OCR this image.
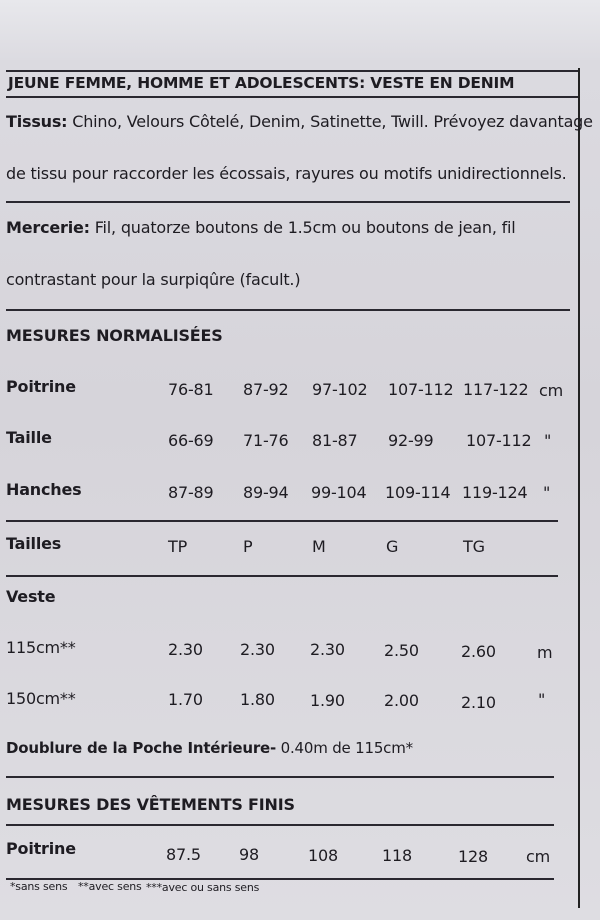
JEUNE FEMME, HOMME ET ADOLESCENTS: VESTE EN DENIM
Tissus: Chino, Velours Côtelé, Denim, Satinette, Twill. Prévoyez davantage
de tissu pour raccorder les écossais, rayures ou motifs unidirectionnels.
Mercerie: Fil, quatorze boutons de 1.5cm ou boutons de jean, fil
contrastant pour la surpiqûre (facult.)
MESURES NORMALISÉES
Poitrine	76-81 87-92 97-102 107-112 117-122 cm
Taille	66-69 71-76 81-87 92-99 107-112 "
Hanches	87-89 89-94 99-104 109-114 119-124 "
Tailles	TP	P	M	G	TG
Veste
115cm**	2.30 2.30 2.30 2.50	2.60	m
150cm**	1.70 1.80 1.90 2.00	2.10	"
Doublure de la Poche Intérieure- 0.40m de 115cm*
MESURES DES VÊTEMENTS FINIS
Poitrine	87.5 98	108	118	128 cm
*sans sens **avec sens ***avec ou sans sens
